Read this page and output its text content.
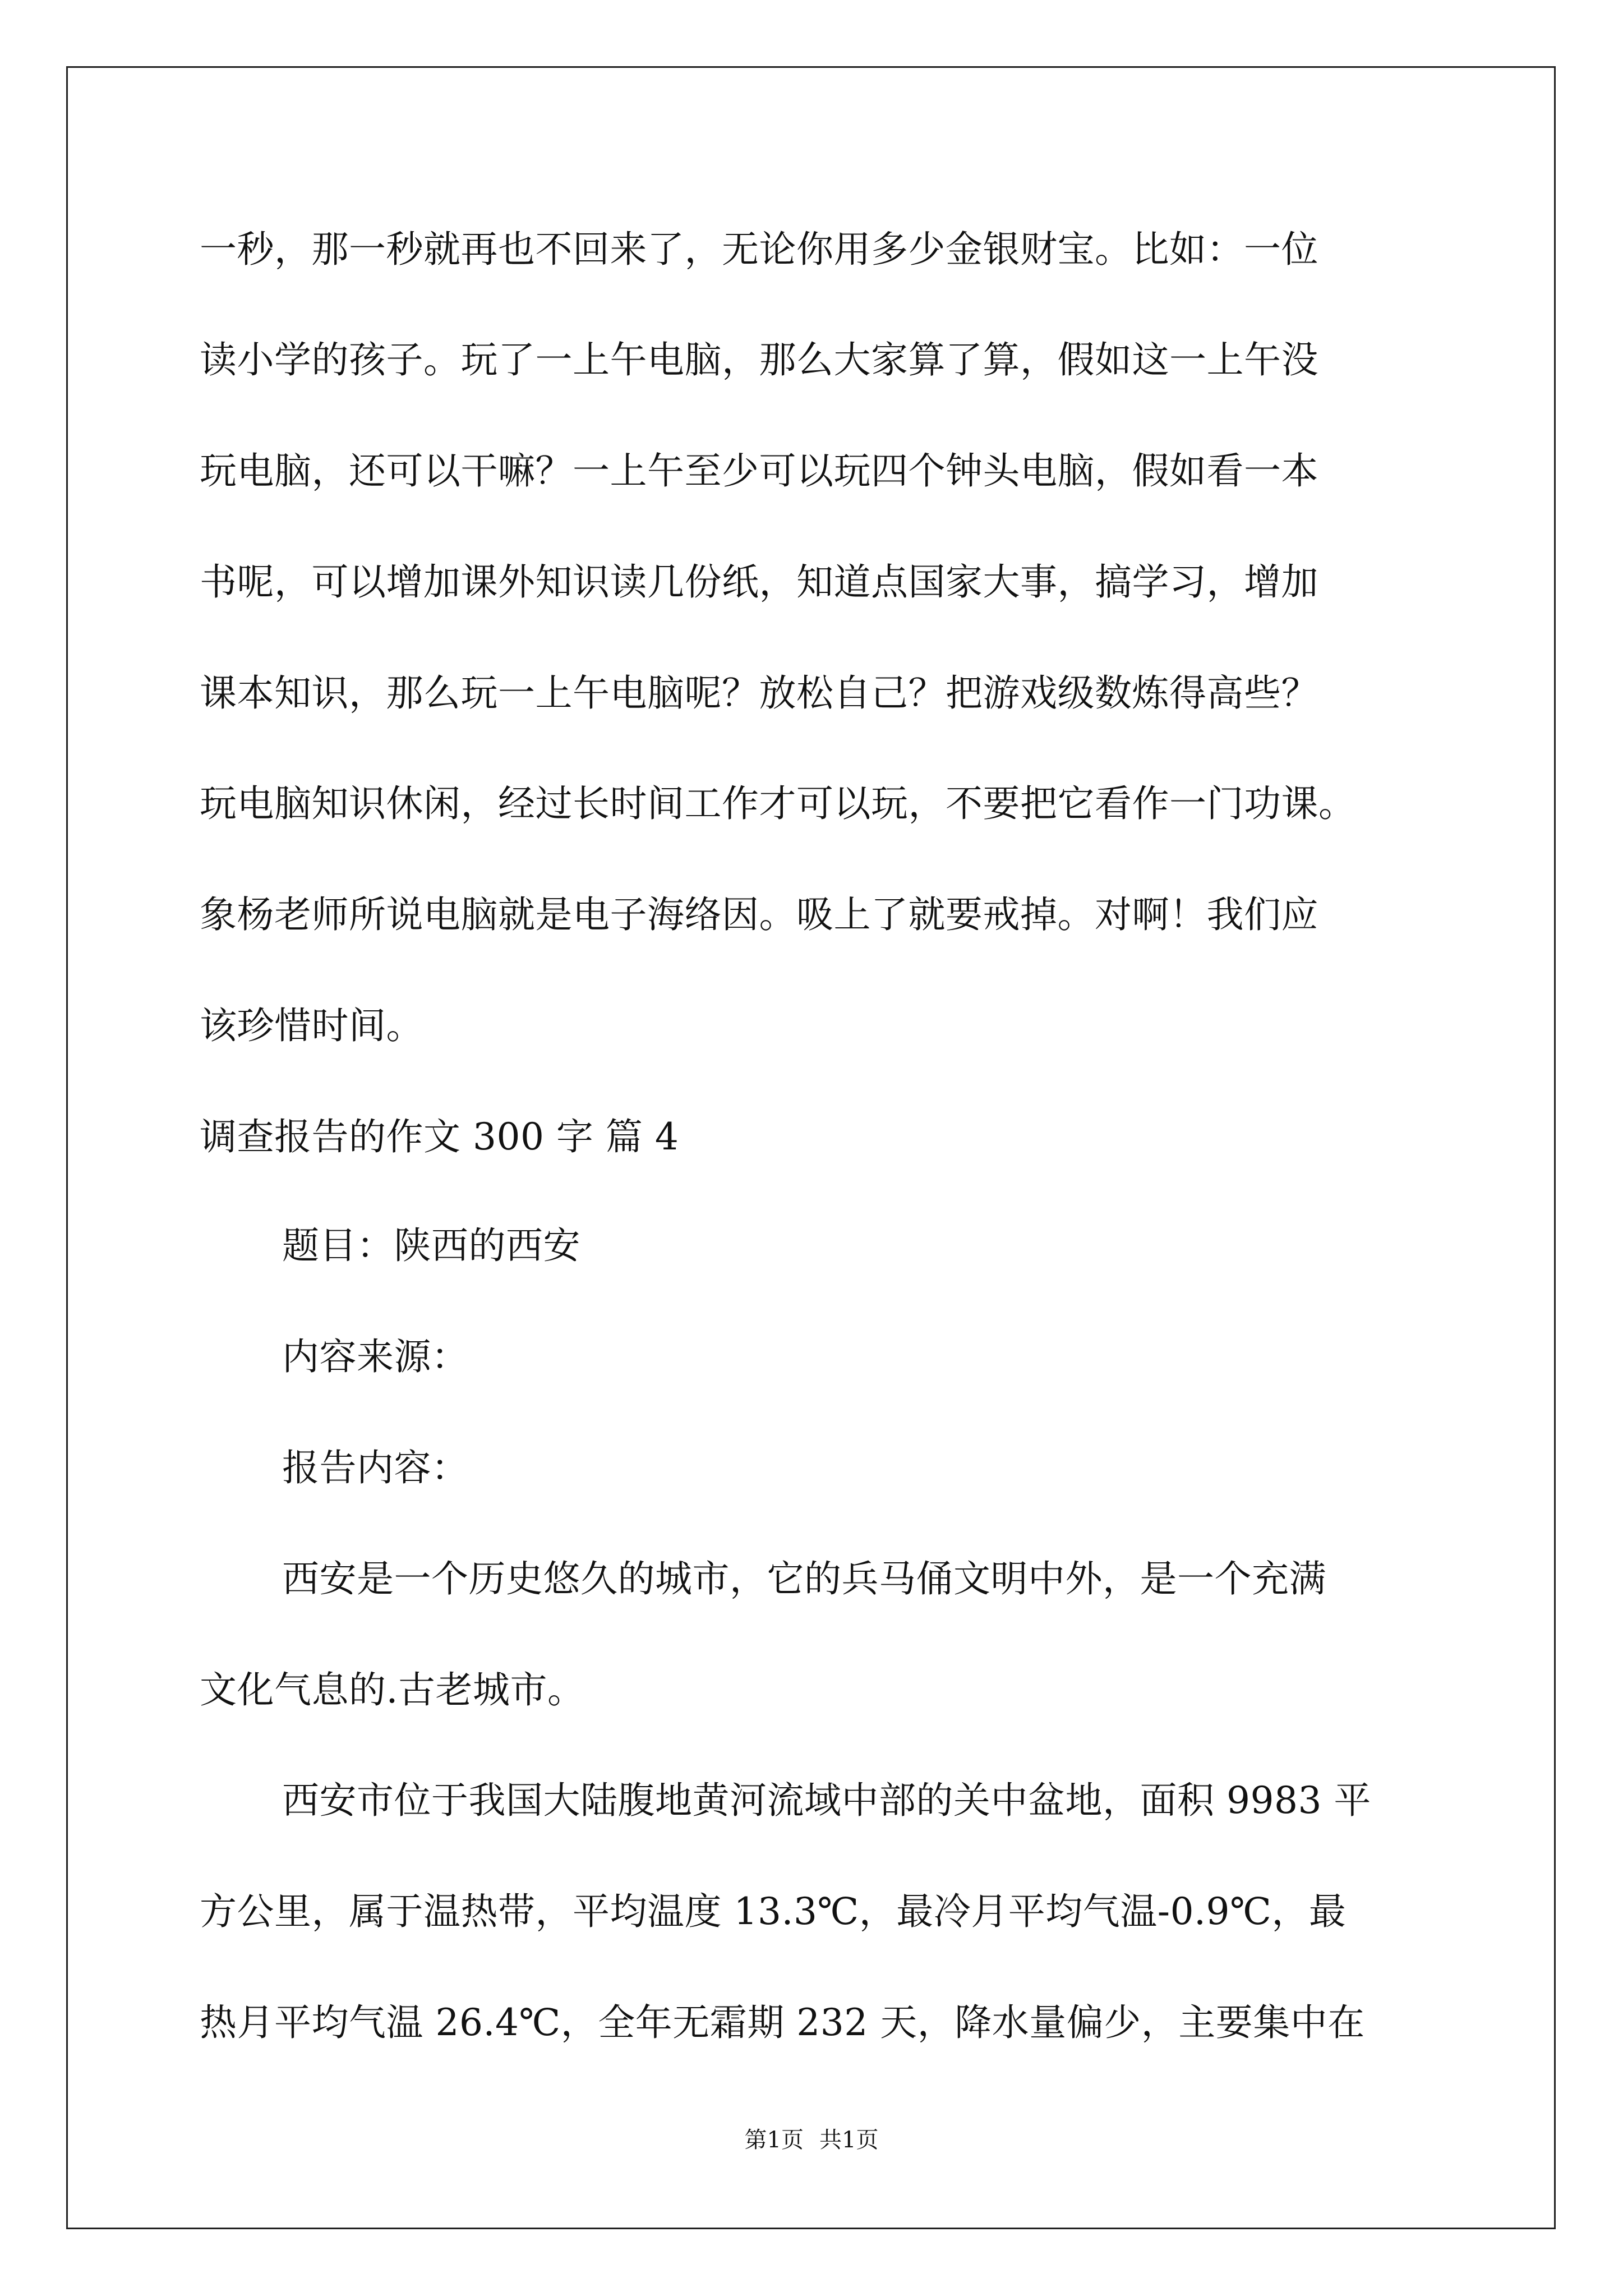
一秒，那一秒就再也不回来了，无论你用多少金银财宝。比如：一位
读小学的孩子。玩了一上午电脑，那么大家算了算，假如这一上午没
玩电脑，还可以干嘛？一上午至少可以玩四个钟头电脑，假如看一本
书呢，可以增加课外知识读几份纸，知道点国家大事，搞学习，增加
课本知识，那么玩一上午电脑呢？放松自己？把游戏级数炼得高些？
玩电脑知识休闲，经过长时间工作才可以玩，不要把它看作一门功课。
象杨老师所说电脑就是电子海络因。吸上了就要戒掉。对啊！我们应
该珍惜时间。
调查报告的作文 300 字 篇 4
题目：陕西的西安
内容来源：
报告内容：
西安是一个历史悠久的城市，它的兵马俑文明中外，是一个充满
文化气息的.古老城市。
西安市位于我国大陆腹地黄河流域中部的关中盆地，面积 9983 平
方公里，属于温热带，平均温度 13.3℃，最冷月平均气温-0.9℃，最
热月平均气温 26.4℃，全年无霜期 232 天，降水量偏少，主要集中在
第1页 共1页
